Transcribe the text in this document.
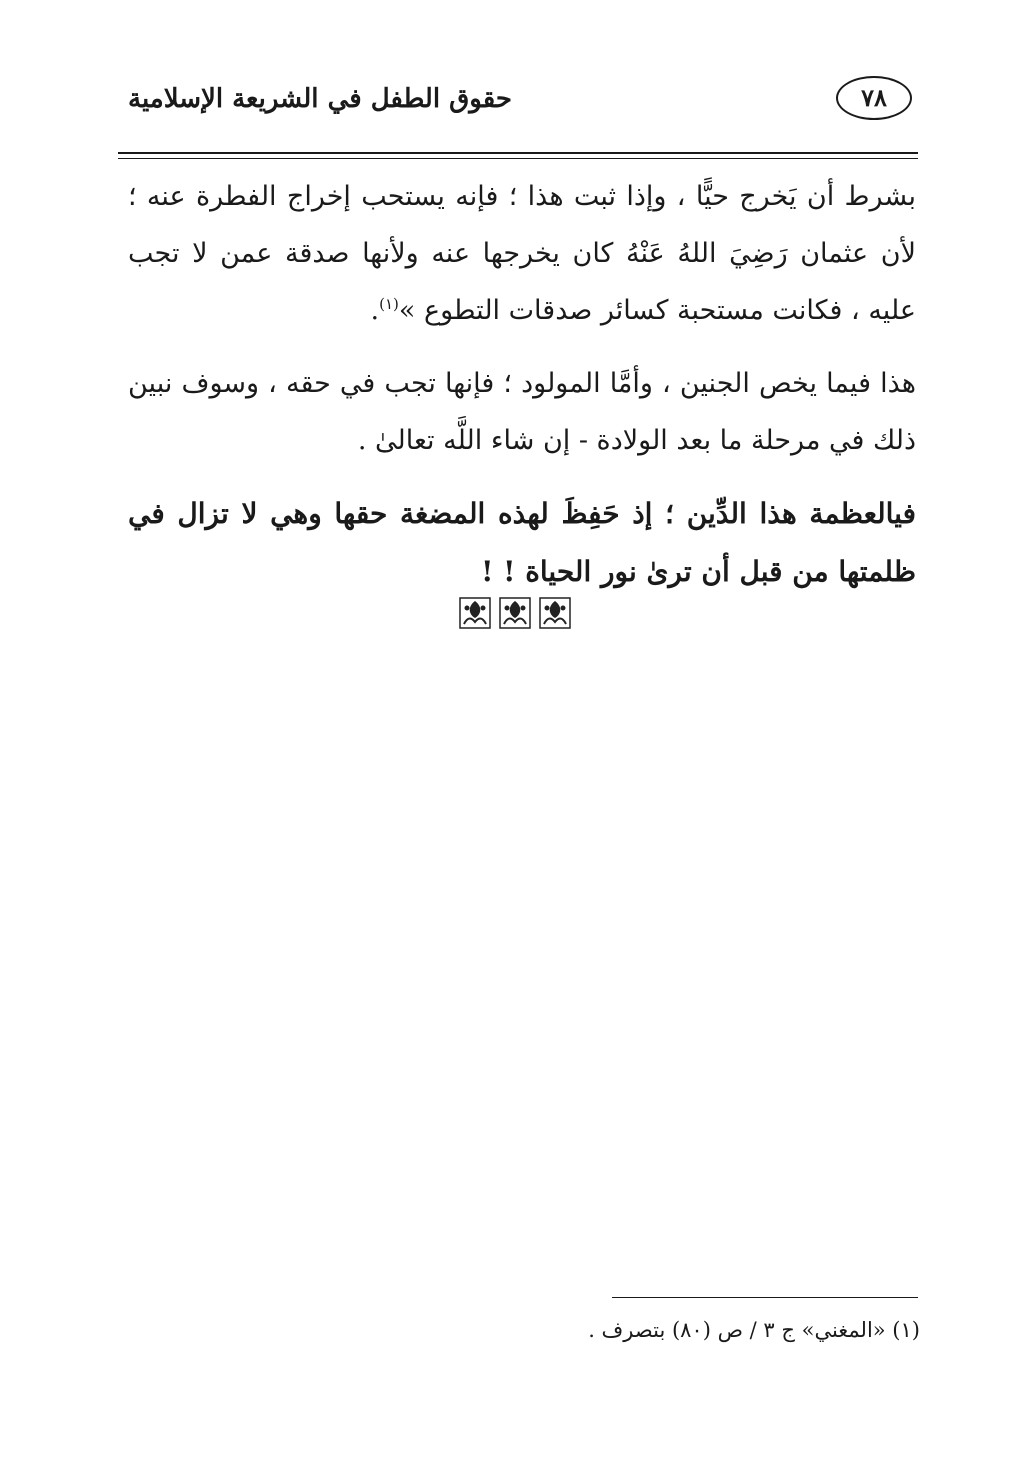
حقوق الطفل في الشريعة الإسلامية	٧٨

بشرط أن يَخرج حيًّا ، وإذا ثبت هذا ؛ فإنه يستحب إخراج الفطرة عنه ؛ لأن عثمان رَضِيَ اللهُ عَنْهُ كان يخرجها عنه ولأنها صدقة عمن لا تجب عليه ، فكانت مستحبة كسائر صدقات التطوع »$^{(١)}$.

هذا فيما يخص الجنين ، وأمَّا المولود ؛ فإنها تجب في حقه ، وسوف نبين ذلك في مرحلة ما بعد الولادة - إن شاء اللَّه تعالىٰ .

فيالعظمة هذا الدِّين ؛ إذ حَفِظَ لهذه المضغة حقها وهي لا تزال في ظلمتها من قبل أن ترىٰ نور الحياة ! !

(١) «المغني» ج ٣ / ص (٨٠) بتصرف .
